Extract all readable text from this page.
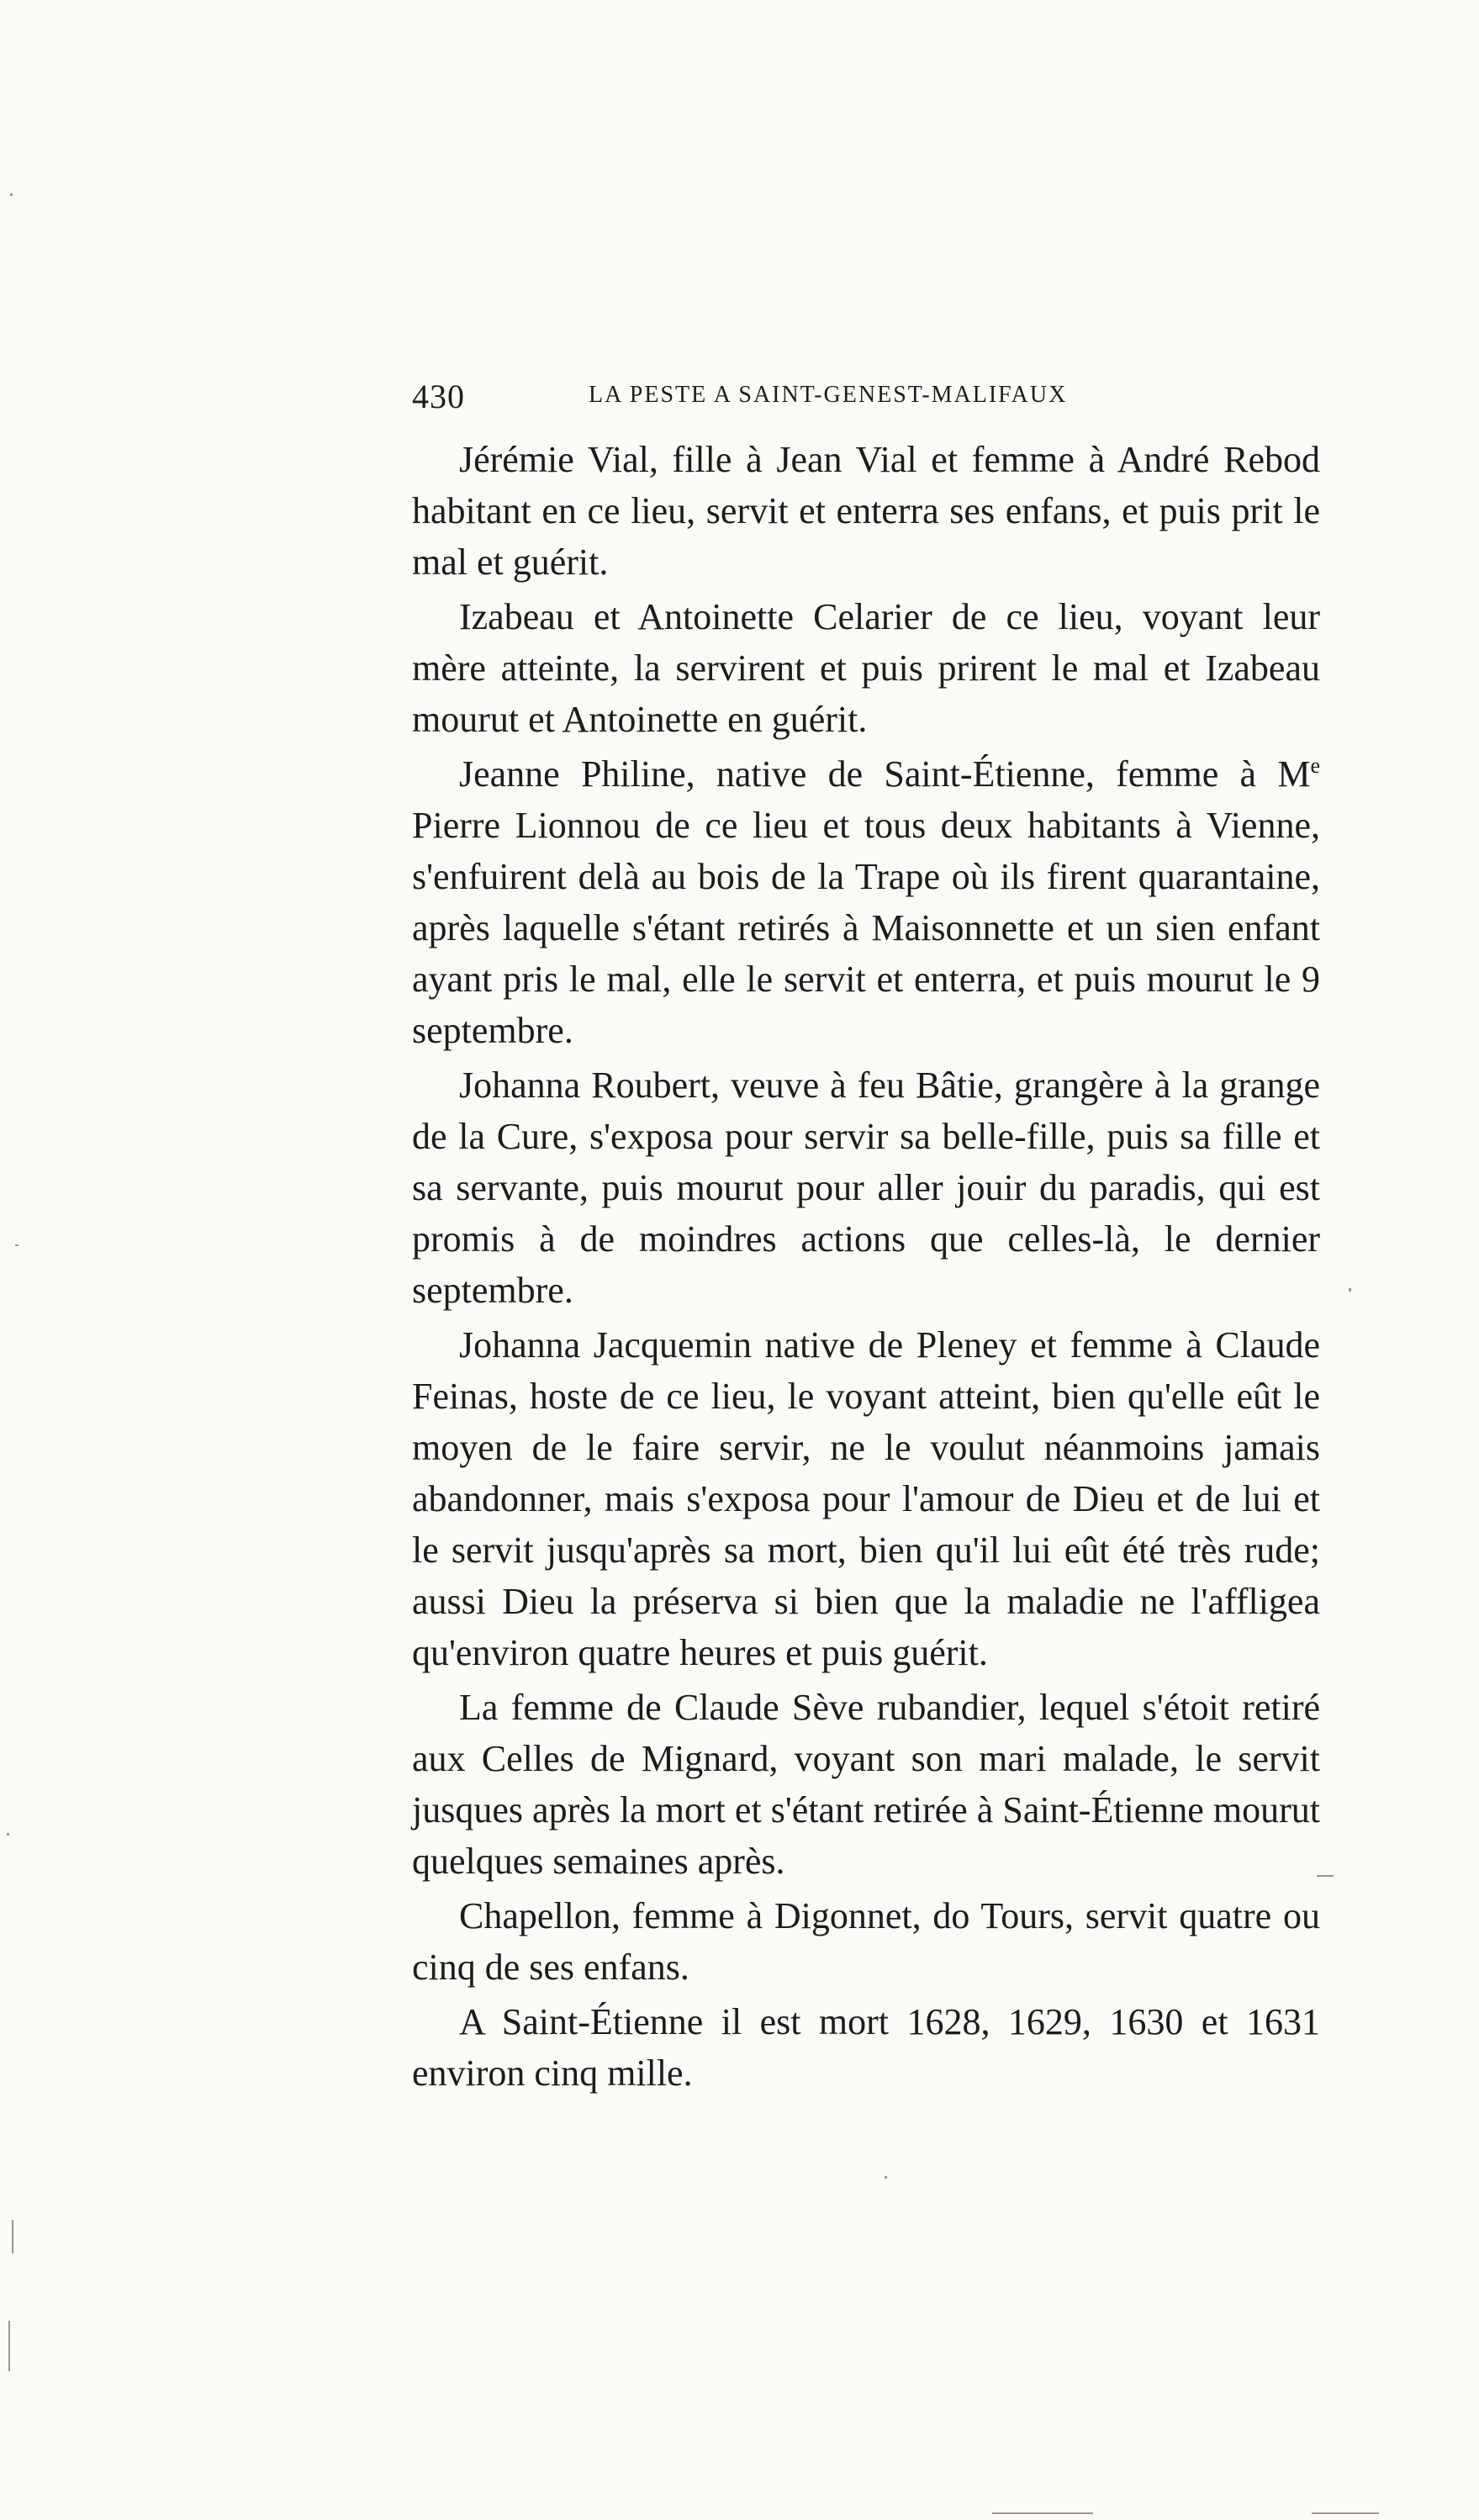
430	LA PESTE A SAINT-GENEST-MALIFAUX

Jérémie Vial, fille à Jean Vial et femme à André Rebod habitant en ce lieu, servit et enterra ses enfans, et puis prit le mal et guérit.

Izabeau et Antoinette Celarier de ce lieu, voyant leur mère atteinte, la servirent et puis prirent le mal et Izabeau mourut et Antoinette en guérit.

Jeanne Philine, native de Saint-Étienne, femme à Me Pierre Lionnou de ce lieu et tous deux habitants à Vienne, s'enfuirent delà au bois de la Trape où ils firent quarantaine, après laquelle s'étant retirés à Maisonnette et un sien enfant ayant pris le mal, elle le servit et enterra, et puis mourut le 9 septembre.

Johanna Roubert, veuve à feu Bâtie, grangère à la grange de la Cure, s'exposa pour servir sa belle-fille, puis sa fille et sa servante, puis mourut pour aller jouir du paradis, qui est promis à de moindres actions que celles-là, le dernier septembre.

Johanna Jacquemin native de Pleney et femme à Claude Feinas, hoste de ce lieu, le voyant atteint, bien qu'elle eût le moyen de le faire servir, ne le voulut néanmoins jamais abandonner, mais s'exposa pour l'amour de Dieu et de lui et le servit jusqu'après sa mort, bien qu'il lui eût été très rude; aussi Dieu la préserva si bien que la maladie ne l'affligea qu'environ quatre heures et puis guérit.

La femme de Claude Sève rubandier, lequel s'étoit retiré aux Celles de Mignard, voyant son mari malade, le servit jusques après la mort et s'étant retirée à Saint-Étienne mourut quelques semaines après.

Chapellon, femme à Digonnet, do Tours, servit quatre ou cinq de ses enfans.

A Saint-Étienne il est mort 1628, 1629, 1630 et 1631 environ cinq mille.
